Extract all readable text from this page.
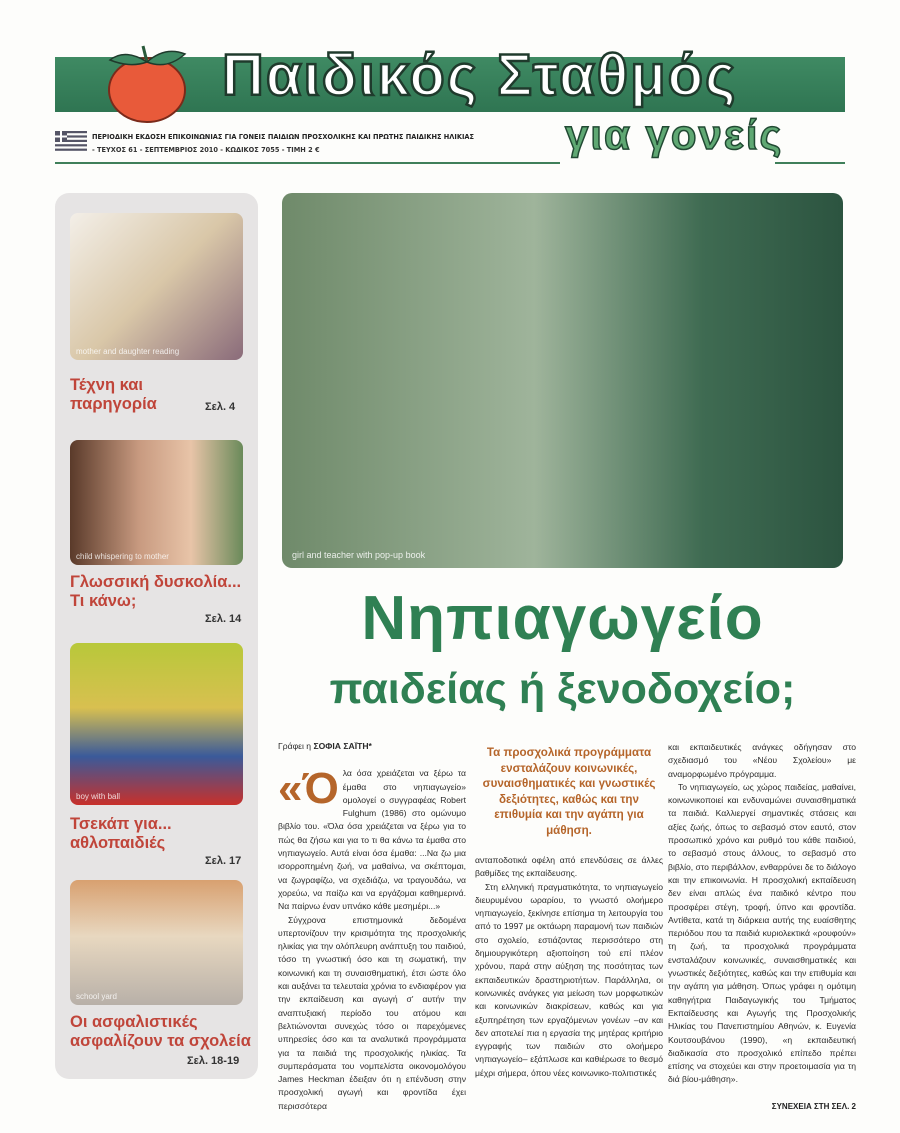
Παιδικός Σταθμός
για γονείς
ΠΕΡΙΟΔΙΚΗ ΕΚΔΟΣΗ ΕΠΙΚΟΙΝΩΝΙΑΣ ΓΙΑ ΓΟΝΕΙΣ ΠΑΙΔΙΩΝ ΠΡΟΣΧΟΛΙΚΗΣ ΚΑΙ ΠΡΩΤΗΣ ΠΑΙΔΙΚΗΣ ΗΛΙΚΙΑΣ
- ΤΕΥΧΟΣ 61 - ΣΕΠΤΕΜΒΡΙΟΣ 2010 - ΚΩΔΙΚΟΣ 7055 - ΤΙΜΗ 2 €
mother and daughter reading
Τέχνη και
παρηγορία	Σελ. 4
child whispering to mother
Γλωσσική δυσκολία...
Τι κάνω;
Σελ. 14
boy with ball
Τσεκάπ για...
αθλοπαιδιές
Σελ. 17
school yard
Οι ασφαλιστικές
ασφαλίζουν τα σχολεία
Σελ. 18-19
girl and teacher with pop-up book
Νηπιαγωγείο
παιδείας ή ξενοδοχείο;
Γράφει η ΣΟΦΙΑ ΣΑΪΤΗ*

«Όλα όσα χρειάζεται να ξέρω τα έμαθα στο νηπιαγωγείο» ομολογεί ο συγγραφέας Robert Fulghum (1986) στο ομώνυμο βιβλίο του. «Όλα όσα χρειάζεται να ξέρω για το πώς θα ζήσω και για το τι θα κάνω τα έμαθα στο νηπιαγωγείο. Αυτά είναι όσα έμαθα: ...Να ζω μια ισορροπημένη ζωή, να μαθαίνω, να σκέπτομαι, να ζωγραφίζω, να σχεδιάζω, να τραγουδάω, να χορεύω, να παίζω και να εργάζομαι καθημερινά. Να παίρνω έναν υπνάκο κάθε μεσημέρι...»

Σύγχρονα επιστημονικά δεδομένα υπερτονίζουν την κρισιμότητα της προσχολικής ηλικίας για την ολόπλευρη ανάπτυξη του παιδιού, τόσο τη γνωστική όσο και τη σωματική, την κοινωνική και τη συναισθηματική, έτσι ώστε όλο και αυξάνει τα τελευταία χρόνια το ενδιαφέρον για την εκπαίδευση και αγωγή σ' αυτήν την αναπτυξιακή περίοδο του ατόμου και βελτιώνονται συνεχώς τόσο οι παρεχόμενες υπηρεσίες όσο και τα αναλυτικά προγράμματα για τα παιδιά της προσχολικής ηλικίας. Τα συμπεράσματα του νομπελίστα οικονομολόγου James Heckman έδειξαν ότι η επένδυση στην προσχολική αγωγή και φροντίδα έχει περισσότερα

Τα προσχολικά προγράμματα ενσταλάζουν κοινωνικές, συναισθηματικές και γνωστικές δεξιότητες, καθώς και την επιθυμία και την αγάπη για μάθηση.

ανταποδοτικά οφέλη από επενδύσεις σε άλλες βαθμίδες της εκπαίδευσης.

Στη ελληνική πραγματικότητα, το νηπιαγωγείο διευρυμένου ωραρίου, το γνωστό ολοήμερο νηπιαγωγείο, ξεκίνησε επίσημα τη λειτουργία του από το 1997 με οκτάωρη παραμονή των παιδιών στο σχολείο, εστιάζοντας περισσότερο στη δημιουργικότερη αξιοποίηση τού επί πλέον χρόνου, παρά στην αύξηση της ποσότητας των εκπαιδευτικών δραστηριοτήτων. Παράλληλα, οι κοινωνικές ανάγκες για μείωση των μορφωτικών και κοινωνικών διακρίσεων, καθώς και για εξυπηρέτηση των εργαζόμενων γονέων –αν και δεν αποτελεί πια η εργασία της μητέρας κριτήριο εγγραφής των παιδιών στο ολοήμερο νηπιαγωγείο– εξάπλωσε και καθιέρωσε το θεσμό μέχρι σήμερα, όπου νέες κοινωνικο-πολιτιστικές

και εκπαιδευτικές ανάγκες οδήγησαν στο σχεδιασμό του «Νέου Σχολείου» με αναμορφωμένο πρόγραμμα.

Το νηπιαγωγείο, ως χώρος παιδείας, μαθαίνει, κοινωνικοποιεί και ενδυναμώνει συναισθηματικά τα παιδιά. Καλλιεργεί σημαντικές στάσεις και αξίες ζωής, όπως το σεβασμό στον εαυτό, στον προσωπικό χρόνο και ρυθμό του κάθε παιδιού, το σεβασμό στους άλλους, το σεβασμό στο βιβλίο, στο περιβάλλον, ενθαρρύνει δε το διάλογο και την επικοινωνία. Η προσχολική εκπαίδευση δεν είναι απλώς ένα παιδικό κέντρο που προσφέρει στέγη, τροφή, ύπνο και φροντίδα. Αντίθετα, κατά τη διάρκεια αυτής της ευαίσθητης περιόδου που τα παιδιά κυριολεκτικά «ρουφούν» τη ζωή, τα προσχολικά προγράμματα ενσταλάζουν κοινωνικές, συναισθηματικές και γνωστικές δεξιότητες, καθώς και την επιθυμία και την αγάπη για μάθηση. Όπως γράφει η ομότιμη καθηγήτρια Παιδαγωγικής του Τμήματος Εκπαίδευσης και Αγωγής της Προσχολικής Ηλικίας του Πανεπιστημίου Αθηνών, κ. Ευγενία Κουτσουβάνου (1990), «η εκπαιδευτική διαδικασία στο προσχολικό επίπεδο πρέπει επίσης να στοχεύει και στην προετοιμασία για τη διά βίου-μάθηση».

ΣΥΝΕΧΕΙΑ ΣΤΗ ΣΕΛ. 2
